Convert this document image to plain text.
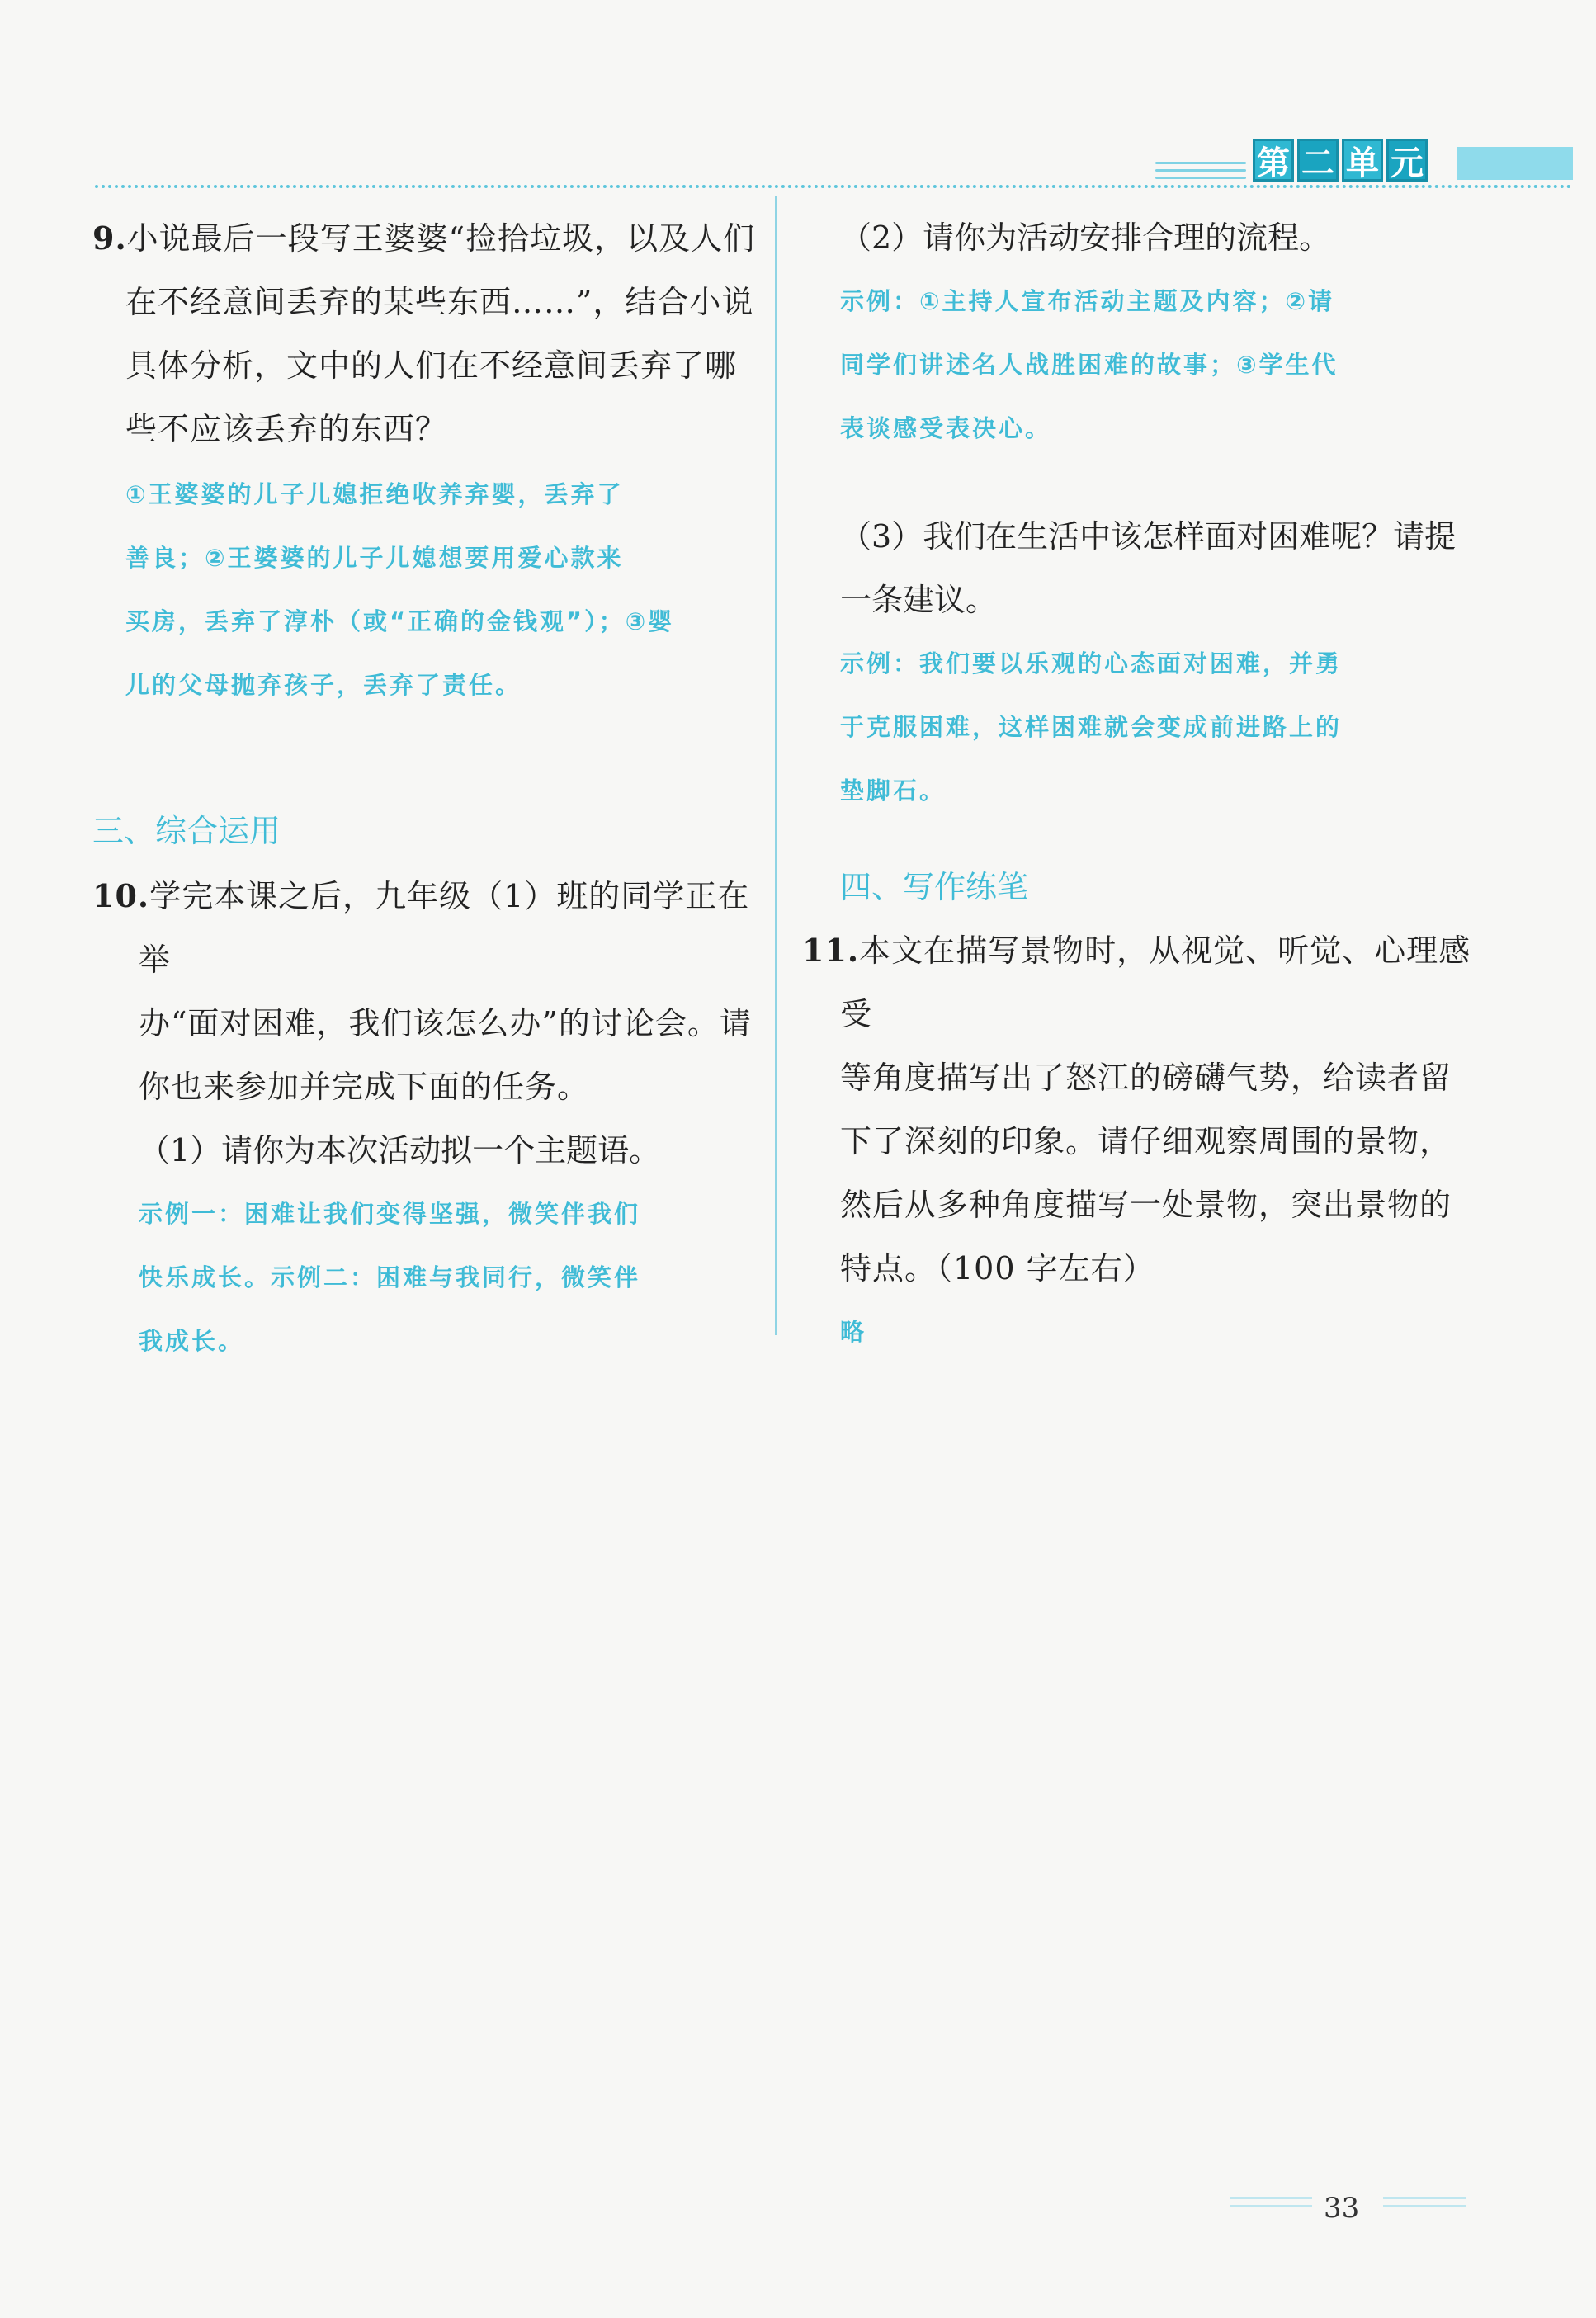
第 二 单 元

9.小说最后一段写王婆婆“捡拾垃圾，以及人们

在不经意间丢弃的某些东西……”，结合小说

具体分析，文中的人们在不经意间丢弃了哪

些不应该丢弃的东西？

①王婆婆的儿子儿媳拒绝收养弃婴，丢弃了

善良；②王婆婆的儿子儿媳想要用爱心款来

买房，丢弃了淳朴（或“正确的金钱观”）；③婴

儿的父母抛弃孩子，丢弃了责任。

三、综合运用

10.学完本课之后，九年级（1）班的同学正在举

办“面对困难，我们该怎么办”的讨论会。请

你也来参加并完成下面的任务。

（1）请你为本次活动拟一个主题语。

示例一：困难让我们变得坚强，微笑伴我们

快乐成长。示例二：困难与我同行，微笑伴

我成长。

（2）请你为活动安排合理的流程。

示例：①主持人宣布活动主题及内容；②请

同学们讲述名人战胜困难的故事；③学生代

表谈感受表决心。

（3）我们在生活中该怎样面对困难呢？请提

一条建议。

示例：我们要以乐观的心态面对困难，并勇

于克服困难，这样困难就会变成前进路上的

垫脚石。

四、写作练笔

11.本文在描写景物时，从视觉、听觉、心理感受

等角度描写出了怒江的磅礴气势，给读者留

下了深刻的印象。请仔细观察周围的景物，

然后从多种角度描写一处景物，突出景物的

特点。（100 字左右）

略

33
